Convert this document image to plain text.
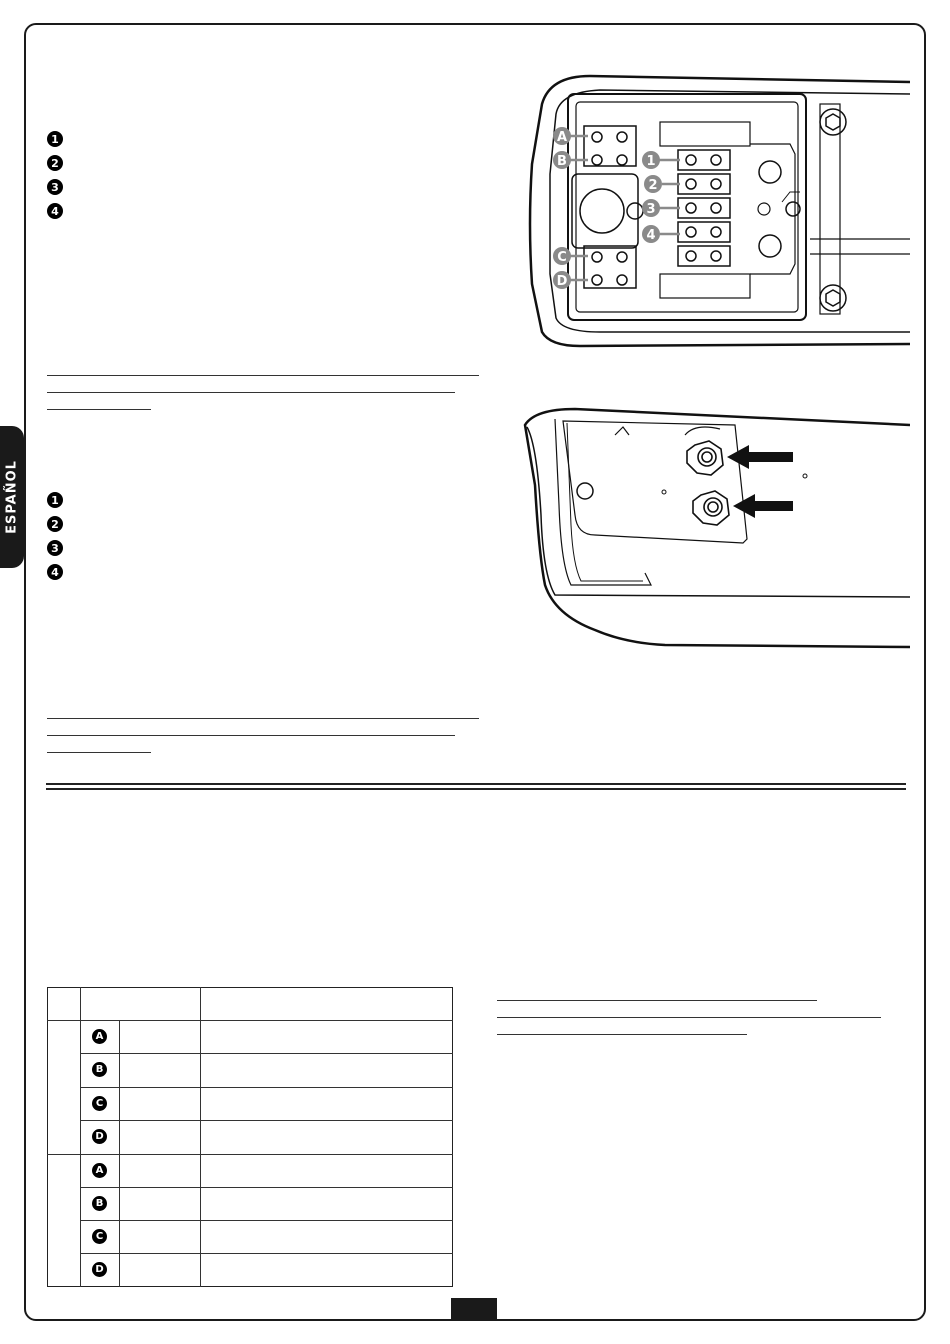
ESPAÑOL
1
2
3
4
1
2
3
4
A
B
C
D
1
2
3
4
A
B
C
D
A
B
C
D
